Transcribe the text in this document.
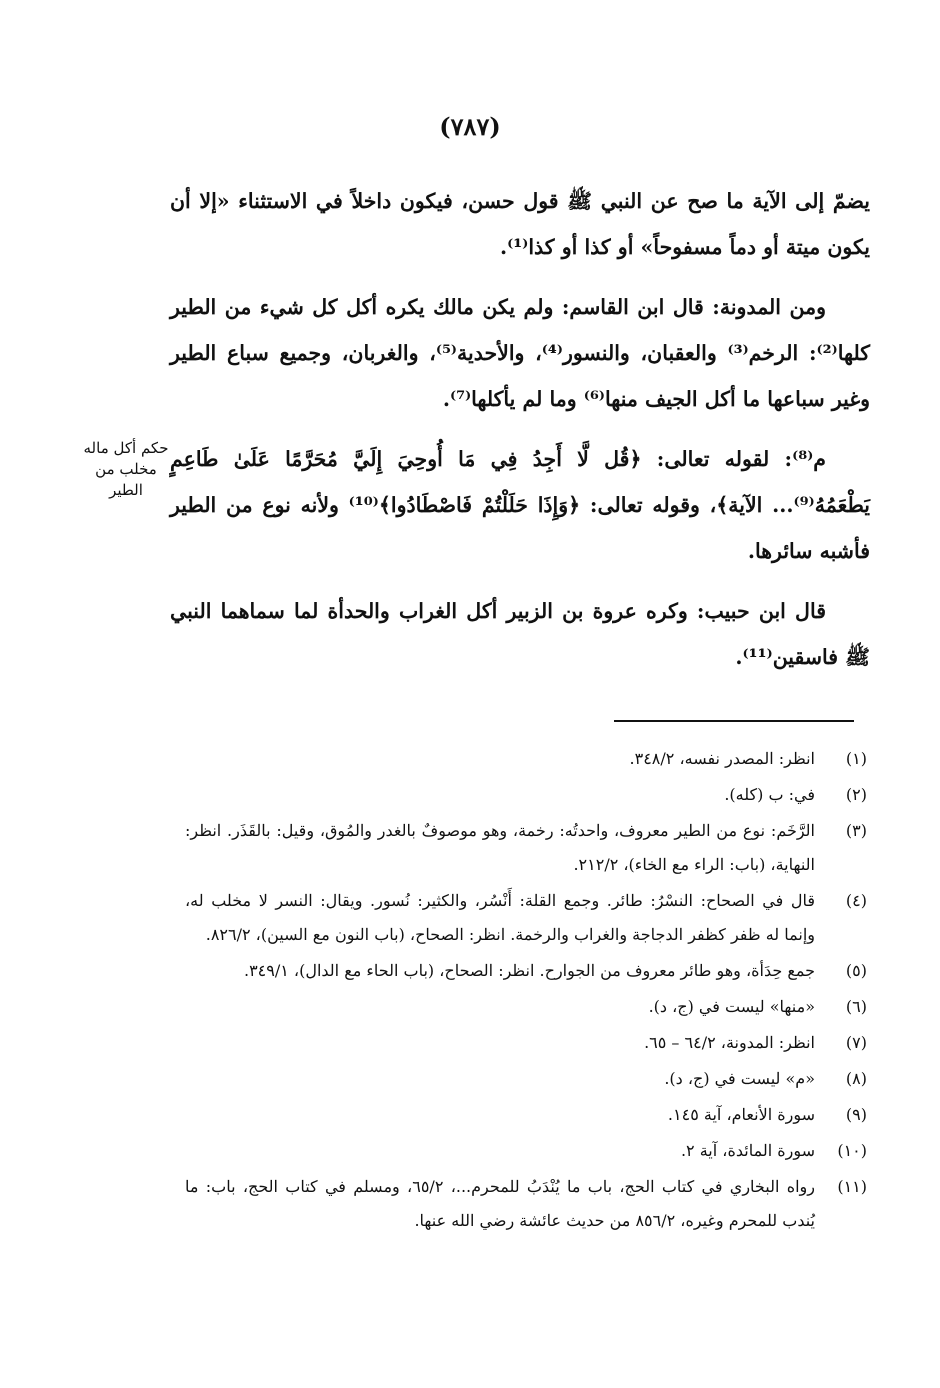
(٧٨٧)

يضمّ إلى الآية ما صح عن النبي ﷺ قول حسن، فيكون داخلاً في الاستثناء «إلا أن يكون ميتة أو دماً مسفوحاً» أو كذا أو كذا⁽¹⁾.

ومن المدونة: قال ابن القاسم: ولم يكن مالك يكره أكل كل شيء من الطير كلها⁽²⁾: الرخم⁽³⁾ والعقبان، والنسور⁽⁴⁾، والأحدية⁽⁵⁾، والغربان، وجميع سباع الطير وغير سباعها ما أكل الجيف منها⁽⁶⁾ وما لم يأكلها⁽⁷⁾.

م⁽⁸⁾: لقوله تعالى: ﴿قُل لَّا أَجِدُ فِي مَا أُوحِيَ إِلَيَّ مُحَرَّمًا عَلَىٰ طَاعِمٍ يَطْعَمُهُ⁽⁹⁾... الآية﴾، وقوله تعالى: ﴿وَإِذَا حَلَلْتُمْ فَاصْطَادُوا﴾⁽¹⁰⁾ ولأنه نوع من الطير فأشبه سائرها.

قال ابن حبيب: وكره عروة بن الزبير أكل الغراب والحدأة لما سماهما النبي ﷺ فاسقين⁽¹¹⁾.

حكم أكل ماله مخلب من الطير
(١)
انظر: المصدر نفسه، ٣٤٨/٢.
(٢)
في: ب (كله).
(٣)
الرَّخَم: نوع من الطير معروف، واحدتُه: رخمة، وهو موصوفٌ بالغدر والمُوق، وقيل: بالقَذَر. انظر: النهاية، (باب: الراء مع الخاء)، ٢١٢/٢.
(٤)
قال في الصحاح: النسْرُ: طائر. وجمع القلة: أَنْسُر، والكثير: نُسور. ويقال: النسر لا مخلب له، وإنما له ظفر كظفر الدجاجة والغراب والرخمة. انظر: الصحاح، (باب النون مع السين)، ٨٢٦/٢.
(٥)
جمع حِدَأة، وهو طائر معروف من الجوارح. انظر: الصحاح، (باب الحاء مع الدال)، ٣٤٩/١.
(٦)
«منها» ليست في (ج، د).
(٧)
انظر: المدونة، ٦٤/٢ – ٦٥.
(٨)
«م» ليست في (ج، د).
(٩)
سورة الأنعام، آية ١٤٥.
(١٠)
سورة المائدة، آية ٢.
(١١)
رواه البخاري في كتاب الحج، باب ما يُنْدَبُ للمحرم...، ٦٥/٢، ومسلم في كتاب الحج، باب: ما يُندب للمحرم وغيره، ٨٥٦/٢ من حديث عائشة رضي الله عنها.
